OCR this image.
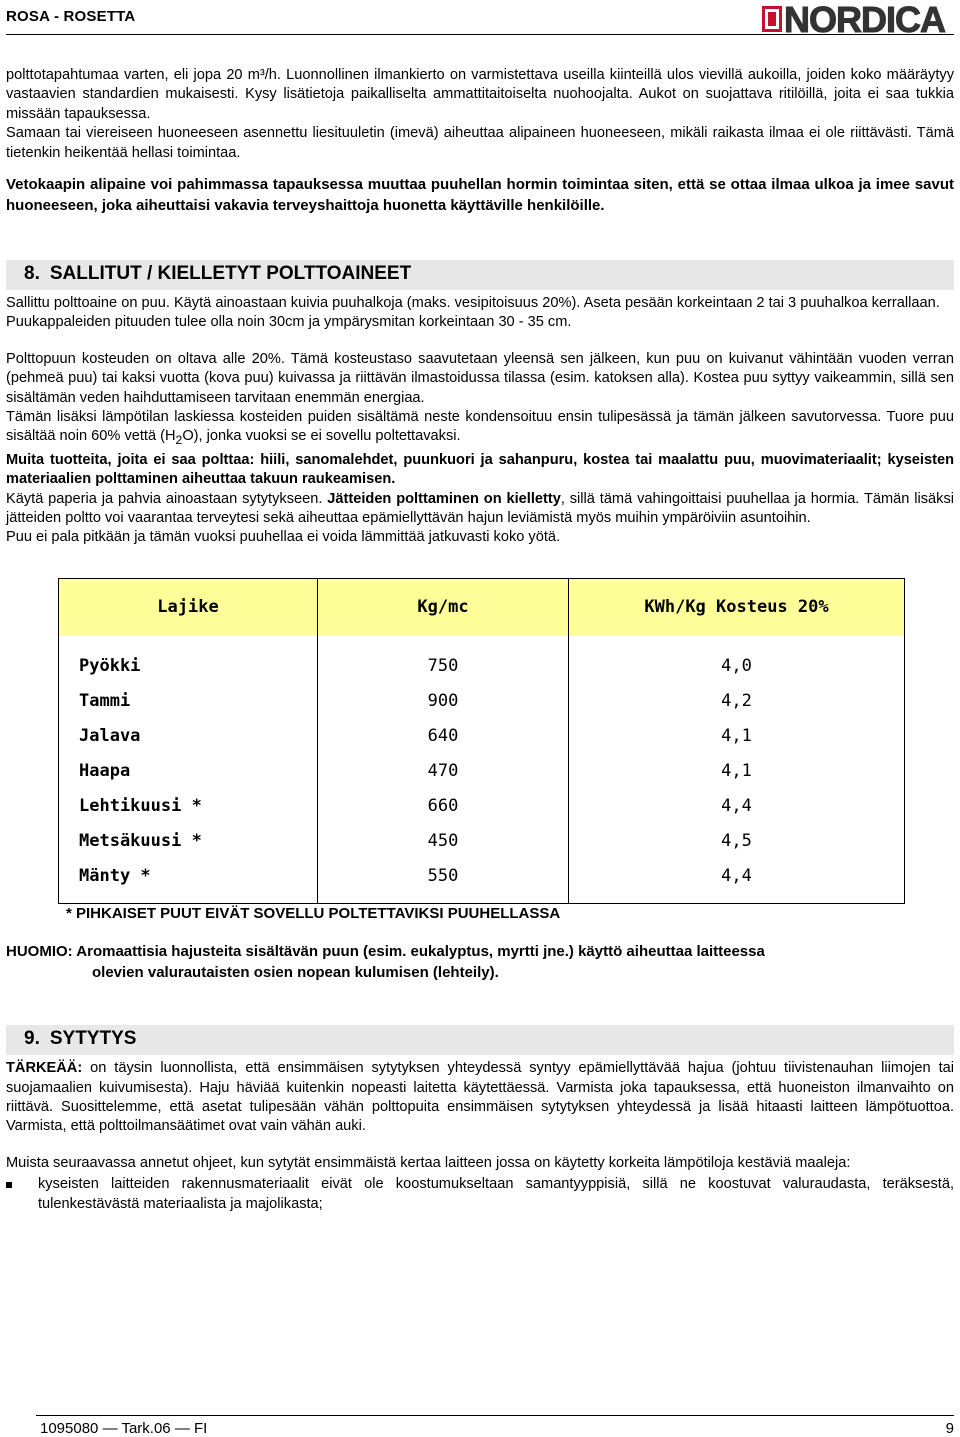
ROSA - ROSETTA	NORDICA

polttotapahtumaa varten, eli jopa 20 m³/h. Luonnollinen ilmankierto on varmistettava useilla kiinteillä ulos vievillä aukoilla, joiden koko määräytyy vastaavien standardien mukaisesti. Kysy lisätietoja paikalliselta ammattitaitoiselta nuohoojalta. Aukot on suojattava ritilöillä, joita ei saa tukkia missään tapauksessa.

Samaan tai viereiseen huoneeseen asennettu liesituuletin (imevä) aiheuttaa alipaineen huoneeseen, mikäli raikasta ilmaa ei ole riittävästi. Tämä tietenkin heikentää hellasi toimintaa.

Vetokaapin alipaine voi pahimmassa tapauksessa muuttaa puuhellan hormin toimintaa siten, että se ottaa ilmaa ulkoa ja imee savut huoneeseen, joka aiheuttaisi vakavia terveyshaittoja huonetta käyttäville henkilöille.

8. SALLITUT / KIELLETYT POLTTOAINEET

Sallittu polttoaine on puu. Käytä ainoastaan kuivia puuhalkoja (maks. vesipitoisuus 20%). Aseta pesään korkeintaan 2 tai 3 puuhalkoa kerrallaan.

Puukappaleiden pituuden tulee olla noin 30cm ja ympärysmitan korkeintaan 30 - 35 cm.

Polttopuun kosteuden on oltava alle 20%. Tämä kosteustaso saavutetaan yleensä sen jälkeen, kun puu on kuivanut vähintään vuoden verran (pehmeä puu) tai kaksi vuotta (kova puu) kuivassa ja riittävän ilmastoidussa tilassa (esim. katoksen alla). Kostea puu syttyy vaikeammin, sillä sen sisältämän veden haihduttamiseen tarvitaan enemmän energiaa.

Tämän lisäksi lämpötilan laskiessa kosteiden puiden sisältämä neste kondensoituu ensin tulipesässä ja tämän jälkeen savutorvessa. Tuore puu sisältää noin 60% vettä $(H_2O)$, jonka vuoksi se ei sovellu poltettavaksi.

Muita tuotteita, joita ei saa polttaa: hiili, sanomalehdet, puunkuori ja sahanpuru, kostea tai maalattu puu, muovimateriaalit; kyseisten materiaalien polttaminen aiheuttaa takuun raukeamisen.

Käytä paperia ja pahvia ainoastaan sytytykseen. Jätteiden polttaminen on kielletty, sillä tämä vahingoittaisi puuhellaa ja hormia. Tämän lisäksi jätteiden poltto voi vaarantaa terveytesi sekä aiheuttaa epämiellyttävän hajun leviämistä myös muihin ympäröiviin asuntoihin.

Puu ei pala pitkään ja tämän vuoksi puuhellaa ei voida lämmittää jatkuvasti koko yötä.

Lajike	Kg/mc	KWh/Kg Kosteus 20%
Pyökki	750	4,0
Tammi	900	4,2
Jalava	640	4,1
Haapa	470	4,1
Lehtikuusi *	660	4,4
Metsäkuusi *	450	4,5
Mänty *	550	4,4

* PIHKAISET PUUT EIVÄT SOVELLU POLTETTAVIKSI PUUHELLASSA

HUOMIO: Aromaattisia hajusteita sisältävän puun (esim. eukalyptus, myrtti jne.) käyttö aiheuttaa laitteessa
olevien valurautaisten osien nopean kulumisen (lehteily).
9. SYTYTYS

TÄRKEÄÄ: on täysin luonnollista, että ensimmäisen sytytyksen yhteydessä syntyy epämiellyttävää hajua (johtuu tiivistenauhan liimojen tai suojamaalien kuivumisesta). Haju häviää kuitenkin nopeasti laitetta käytettäessä. Varmista joka tapauksessa, että huoneiston ilmanvaihto on riittävä. Suosittelemme, että asetat tulipesään vähän polttopuita ensimmäisen sytytyksen yhteydessä ja lisää hitaasti laitteen lämpötuottoa. Varmista, että polttoilmansäätimet ovat vain vähän auki.

Muista seuraavassa annetut ohjeet, kun sytytät ensimmäistä kertaa laitteen jossa on käytetty korkeita lämpötiloja kestäviä maaleja:

kyseisten laitteiden rakennusmateriaalit eivät ole koostumukseltaan samantyyppisiä, sillä ne koostuvat valuraudasta, teräksestä, tulenkestävästä materiaalista ja majolikasta;

1095080 — Tark.06 — FI	9
